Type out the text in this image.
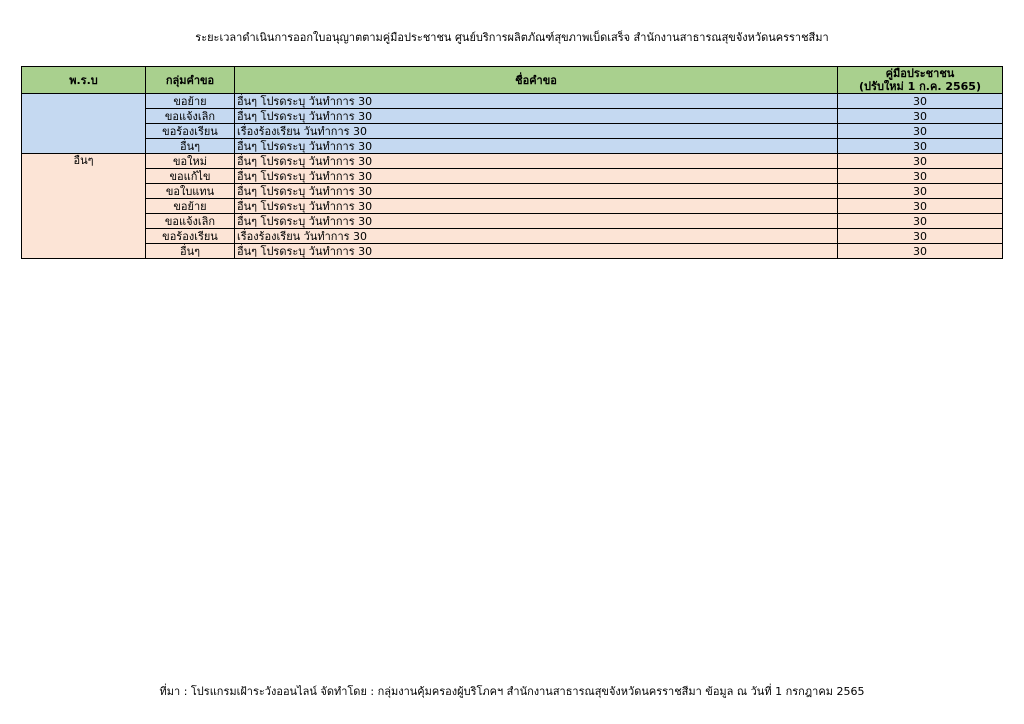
ระยะเวลาดำเนินการออกใบอนุญาตตามคู่มือประชาชน ศูนย์บริการผลิตภัณฑ์สุขภาพเบ็ดเสร็จ สำนักงานสาธารณสุขจังหวัดนครราชสีมา
พ.ร.บ	กลุ่มคำขอ	ชื่อคำขอ	คู่มือประชาชน
			(ปรับใหม่ 1 ก.ค. 2565)
	ขอย้าย	อื่นๆ โปรดระบุ วันทำการ 30	30
	ขอแจ้งเลิก	อื่นๆ โปรดระบุ วันทำการ 30	30
	ขอร้องเรียน	เรื่องร้องเรียน วันทำการ 30	30
	อื่นๆ	อื่นๆ โปรดระบุ วันทำการ 30	30
อื่นๆ	ขอใหม่	อื่นๆ โปรดระบุ วันทำการ 30	30
	ขอแก้ไข	อื่นๆ โปรดระบุ วันทำการ 30	30
	ขอใบแทน	อื่นๆ โปรดระบุ วันทำการ 30	30
	ขอย้าย	อื่นๆ โปรดระบุ วันทำการ 30	30
	ขอแจ้งเลิก	อื่นๆ โปรดระบุ วันทำการ 30	30
	ขอร้องเรียน	เรื่องร้องเรียน วันทำการ 30	30
	อื่นๆ	อื่นๆ โปรดระบุ วันทำการ 30	30
ที่มา : โปรแกรมเฝ้าระวังออนไลน์ จัดทำโดย : กลุ่มงานคุ้มครองผู้บริโภคฯ สำนักงานสาธารณสุขจังหวัดนครราชสีมา ข้อมูล ณ วันที่ 1 กรกฎาคม 2565
